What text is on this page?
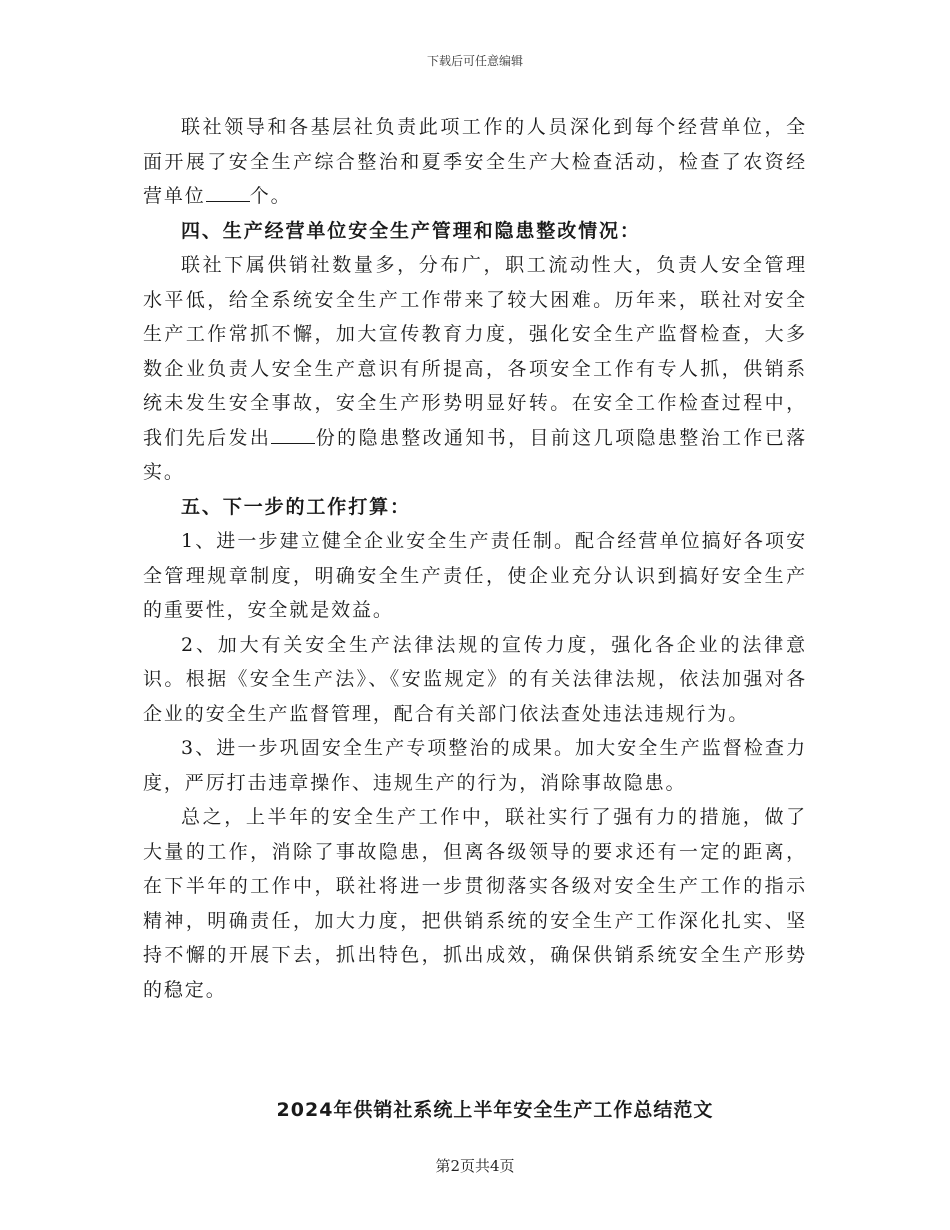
下载后可任意编辑

联社领导和各基层社负责此项工作的人员深化到每个经营单位，全面开展了安全生产综合整治和夏季安全生产大检查活动，检查了农资经营单位 个。

四、生产经营单位安全生产管理和隐患整改情况：

联社下属供销社数量多，分布广，职工流动性大，负责人安全管理水平低，给全系统安全生产工作带来了较大困难。历年来，联社对安全生产工作常抓不懈，加大宣传教育力度，强化安全生产监督检查，大多数企业负责人安全生产意识有所提高，各项安全工作有专人抓，供销系统未发生安全事故，安全生产形势明显好转。在安全工作检查过程中，我们先后发出 份的隐患整改通知书，目前这几项隐患整治工作已落实。

五、下一步的工作打算：

1、进一步建立健全企业安全生产责任制。配合经营单位搞好各项安全管理规章制度，明确安全生产责任，使企业充分认识到搞好安全生产的重要性，安全就是效益。

2、加大有关安全生产法律法规的宣传力度，强化各企业的法律意识。根据《安全生产法》、《安监规定》的有关法律法规，依法加强对各企业的安全生产监督管理，配合有关部门依法查处违法违规行为。

3、进一步巩固安全生产专项整治的成果。加大安全生产监督检查力度，严厉打击违章操作、违规生产的行为，消除事故隐患。

总之，上半年的安全生产工作中，联社实行了强有力的措施，做了大量的工作，消除了事故隐患，但离各级领导的要求还有一定的距离，在下半年的工作中，联社将进一步贯彻落实各级对安全生产工作的指示精神，明确责任，加大力度，把供销系统的安全生产工作深化扎实、坚持不懈的开展下去，抓出特色，抓出成效，确保供销系统安全生产形势的稳定。

2024年供销社系统上半年安全生产工作总结范文
第2页共4页
